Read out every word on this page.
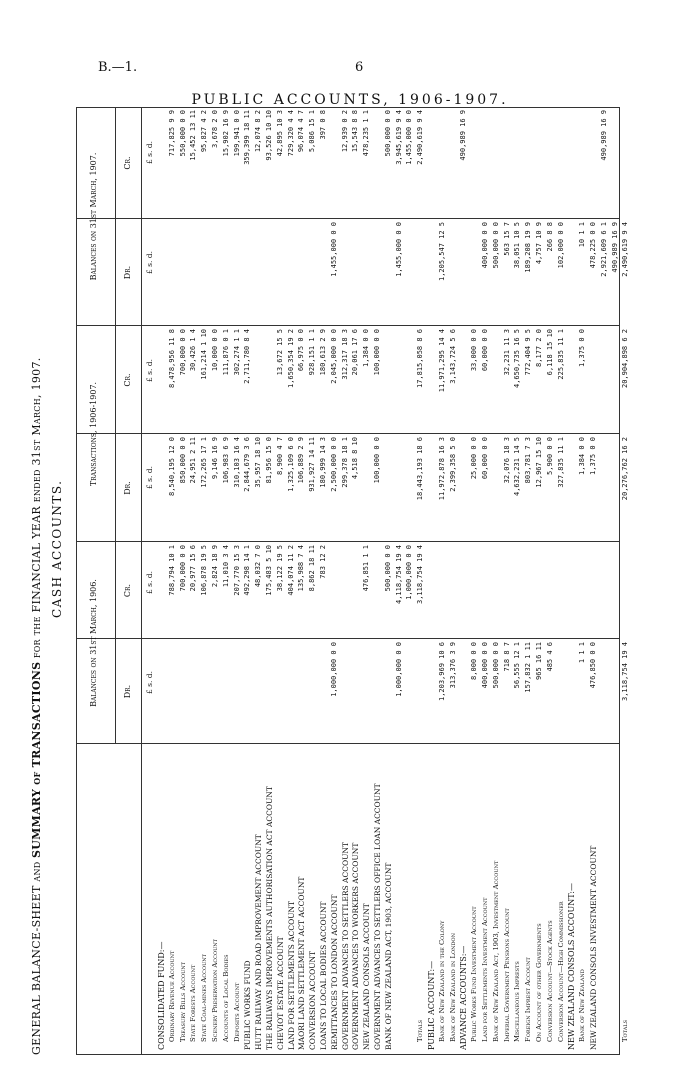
B.—1.	6
PUBLIC ACCOUNTS, 1906-1907.
GENERAL BALANCE-SHEET and SUMMARY of TRANSACTIONS for the FINANCIAL YEAR ended 31st March, 1907. CASH ACCOUNTS.
Balances on 31st March, 1906.
Transactions, 1906-1907.
Balances on 31st March, 1907.
Dr.
Cr.
Dr.
Cr.
Dr.
Cr.
£ s. d.
£ s. d.
£ s. d.
£ s. d.
£ s. d.
£ s. d.
CONSOLIDATED FUND:— Ordinary Revenue Account
788,794 10 1
8,540,195 12 0
8,478,956 11 8
717,825 9 9
Treasury Bills Account
700,000 0 0
850,000 0 0
700,000 0 0
550,000 0 0
State Forests Account
20,977 15 6
24,951 2 11
30,426 1 4
15,452 13 11
State Coal-mines Account
106,878 19 5
172,265 17 1
161,214 1 10
95,827 4 2
Scenery Preservation Account
2,824 18 9
9,146 16 9
10,000 0 0
3,678 2 0
Accounts of Local Bodies
11,010 3 4
106,983 6 9
111,876 0 1
15,902 16 9
Deposits Account
207,770 15 3
310,103 16 4
302,274 1 1
199,941 0 0
PUBLIC WORKS FUND
492,298 14 1
2,844,679 3 6
2,711,780 8 4
359,399 18 11
HUTT RAILWAY AND ROAD IMPROVEMENT ACCOUNT
48,032 7 0
35,957 18 10
12,074 8 2
THE RAILWAYS IMPROVEMENTS AUTHORISATION ACT ACCOUNT
175,483 5 10
81,956 15 0
93,526 10 10
CHEVIOT ESTATE ACCOUNT
38,122 19 5
8,900 4 7
13,672 15 5
42,895 10 3
LAND FOR SETTLEMENTS ACCOUNT
404,074 11 2
1,325,109 6 0
1,650,354 19 2
729,320 4 4
MAORI LAND SETTLEMENT ACT ACCOUNT
135,988 7 4
106,889 2 9
66,975 0 0
96,074 4 7
CONVERSION ACCOUNT
8,862 18 11
931,927 14 11
928,151 1 1
5,086 15 1
LOANS TO LOCAL BODIES ACCOUNT
783 12 2
180,999 14 3
180,613 2 9
397 0 8
REMITTANCES TO LONDON ACCOUNT
1,000,000 0 0
2,500,000 0 0
2,045,000 0 0
1,455,000 0 0
GOVERNMENT ADVANCES TO SETTLERS ACCOUNT
299,378 18 1
312,317 18 3
12,939 0 2
GOVERNMENT ADVANCES TO WORKERS ACCOUNT
4,518 8 10
20,061 17 6
15,543 8 8
NEW ZEALAND CONSOLS ACCOUNT
476,851 1 1
1,384 0 0
478,235 1 1
GOVERNMENT ADVANCES TO SETTLERS OFFICE LOAN ACCOUNT
100,000 0 0
100,000 0 0
BANK OF NEW ZEALAND ACT, 1903, ACCOUNT
500,000 0 0
500,000 0 0
1,000,000 0 0
4,118,754 19 4
1,455,000 0 0
3,945,619 9 4
1,000,000 0 0
1,455,000 0 0
Totals
3,118,754 19 4
18,443,193 18 6
17,815,058 8 6
2,490,619 9 4
PUBLIC ACCOUNT:— Bank of New Zealand in the Colony
1,203,969 10 6
11,972,878 16 3
11,971,295 14 4
1,205,547 12 5
Bank of New Zealand in London
313,376 3 9
2,399,358 5 0
3,143,724 5 6
ADVANCE ACCOUNTS:—
490,989 16 9
Public Works Fund Investment Account
8,000 0 0
25,000 0 0
33,000 0 0
Land for Settlements Investment Account
400,000 0 0
60,000 0 0
60,000 0 0
400,000 0 0
Bank of New Zealand Act, 1903, Investment Account
500,000 0 0
500,000 0 0
Imperial Government Pensions Account
718 8 7
32,076 18 3
32,231 11 3
563 15 7
Miscellaneous Imprests
56,555 12 1
4,632,231 14 5
4,650,735 16 5
38,051 10 5
Foreign Imprest Account
157,832 1 11
803,781 7 3
772,404 9 5
189,208 19 9
On Account of other Governments
965 16 11
12,967 15 10
8,177 2 0
4,757 10 9
Conversion Account—Stock Agents
485 4 6
5,900 0 0
6,118 15 10
266 8 8
Conversion Account—High Commissioner
327,835 11 1
225,835 11 1
102,000 0 0
NEW ZEALAND CONSOLS ACCOUNT:— Bank of New Zealand
1 1 1
1,384 0 0
1,375 0 0
10 1 1
NEW ZEALAND CONSOLS INVESTMENT ACCOUNT
476,850 0 0
1,375 0 0
478,225 0 0 2,921,609 6 1
490,989 16 9
490,989 16 9
Totals
3,118,754 19 4
20,276,762 16 2
20,904,898 6 2
2,490,619 9 4
